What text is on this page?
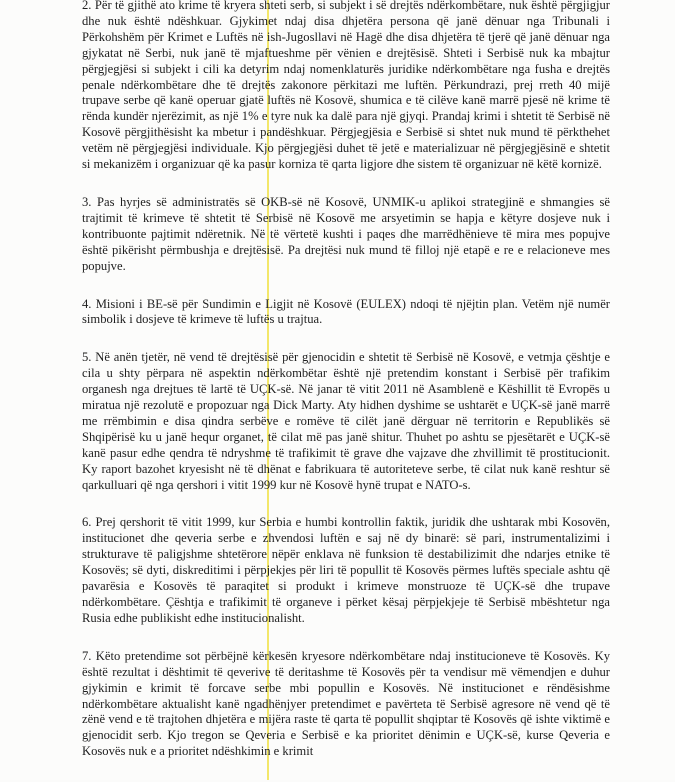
2. Për të gjithë ato krime të kryera shteti serb, si subjekt i së drejtës ndërkombëtare, nuk është përgjigjur dhe nuk është ndëshkuar. Gjykimet ndaj disa dhjetëra persona që janë dënuar nga Tribunali i Përkohshëm për Krimet e Luftës në ish-Jugosllavi në Hagë dhe disa dhjetëra të tjerë që janë dënuar nga gjykatat në Serbi, nuk janë të mjaftueshme për vënien e drejtësisë. Shteti i Serbisë nuk ka mbajtur përgjegjësi si subjekt i cili ka detyrim ndaj nomenklaturës juridike ndërkombëtare nga fusha e drejtës penale ndërkombëtare dhe të drejtës zakonore përkitazi me luftën. Përkundrazi, prej rreth 40 mijë trupave serbe që kanë operuar gjatë luftës në Kosovë, shumica e të cilëve kanë marrë pjesë në krime të rënda kundër njerëzimit, as një 1% e tyre nuk ka dalë para një gjyqi. Prandaj krimi i shtetit të Serbisë në Kosovë përgjithësisht ka mbetur i pandëshkuar. Përgjegjësia e Serbisë si shtet nuk mund të përkthehet vetëm në përgjegjësi individuale. Kjo përgjegjësi duhet të jetë e materializuar në përgjegjësinë e shtetit si mekanizëm i organizuar që ka pasur korniza të qarta ligjore dhe sistem të organizuar në këtë kornizë.

3. Pas hyrjes së administratës së OKB-së në Kosovë, UNMIK-u aplikoi strategjinë e shmangies së trajtimit të krimeve të shtetit të Serbisë në Kosovë me arsyetimin se hapja e këtyre dosjeve nuk i kontribuonte pajtimit ndëretnik. Në të vërtetë kushti i paqes dhe marrëdhënieve të mira mes popujve është pikërisht përmbushja e drejtësisë. Pa drejtësi nuk mund të filloj një etapë e re e relacioneve mes popujve.

4. Misioni i BE-së për Sundimin e Ligjit në Kosovë (EULEX) ndoqi të njëjtin plan. Vetëm një numër simbolik i dosjeve të krimeve të luftës u trajtua.

5. Në anën tjetër, në vend të drejtësisë për gjenocidin e shtetit të Serbisë në Kosovë, e vetmja çështje e cila u shty përpara në aspektin ndërkombëtar është një pretendim konstant i Serbisë për trafikim organesh nga drejtues të lartë të UÇK-së. Në janar të vitit 2011 në Asamblenë e Këshillit të Evropës u miratua një rezolutë e propozuar nga Dick Marty. Aty hidhen dyshime se ushtarët e UÇK-së janë marrë me rrëmbimin e disa qindra serbëve e romëve të cilët janë dërguar në territorin e Republikës së Shqipërisë ku u janë hequr organet, të cilat më pas janë shitur. Thuhet po ashtu se pjesëtarët e UÇK-së kanë pasur edhe qendra të ndryshme të trafikimit të grave dhe vajzave dhe zhvillimit të prostitucionit. Ky raport bazohet kryesisht në të dhënat e fabrikuara të autoriteteve serbe, të cilat nuk kanë reshtur së qarkulluari që nga qershori i vitit 1999 kur në Kosovë hynë trupat e NATO-s.

6. Prej qershorit të vitit 1999, kur Serbia e humbi kontrollin faktik, juridik dhe ushtarak mbi Kosovën, institucionet dhe qeveria serbe e zhvendosi luftën e saj në dy binarë: së pari, instrumentalizimi i strukturave të paligjshme shtetërore nëpër enklava në funksion të destabilizimit dhe ndarjes etnike të Kosovës; së dyti, diskreditimi i përpjekjes për liri të popullit të Kosovës përmes luftës speciale ashtu që pavarësia e Kosovës të paraqitet si produkt i krimeve monstruoze të UÇK-së dhe trupave ndërkombëtare. Çështja e trafikimit të organeve i përket kësaj përpjekjeje të Serbisë mbështetur nga Rusia edhe publikisht edhe institucionalisht.

7. Këto pretendime sot përbëjnë kërkesën kryesore ndërkombëtare ndaj institucioneve të Kosovës. Ky është rezultat i dështimit të qeverive të deritashme të Kosovës për ta vendisur më vëmendjen e duhur gjykimin e krimit të forcave serbe mbi popullin e Kosovës. Në institucionet e rëndësishme ndërkombëtare aktualisht kanë ngadhënjyer pretendimet e pavërteta të Serbisë agresore në vend që të zënë vend e të trajtohen dhjetëra e mijëra raste të qarta të popullit shqiptar të Kosovës që ishte viktimë e gjenocidit serb. Kjo tregon se Qeveria e Serbisë e ka prioritet dënimin e UÇK-së, kurse Qeveria e Kosovës nuk e a prioritet ndëshkimin e krimit
